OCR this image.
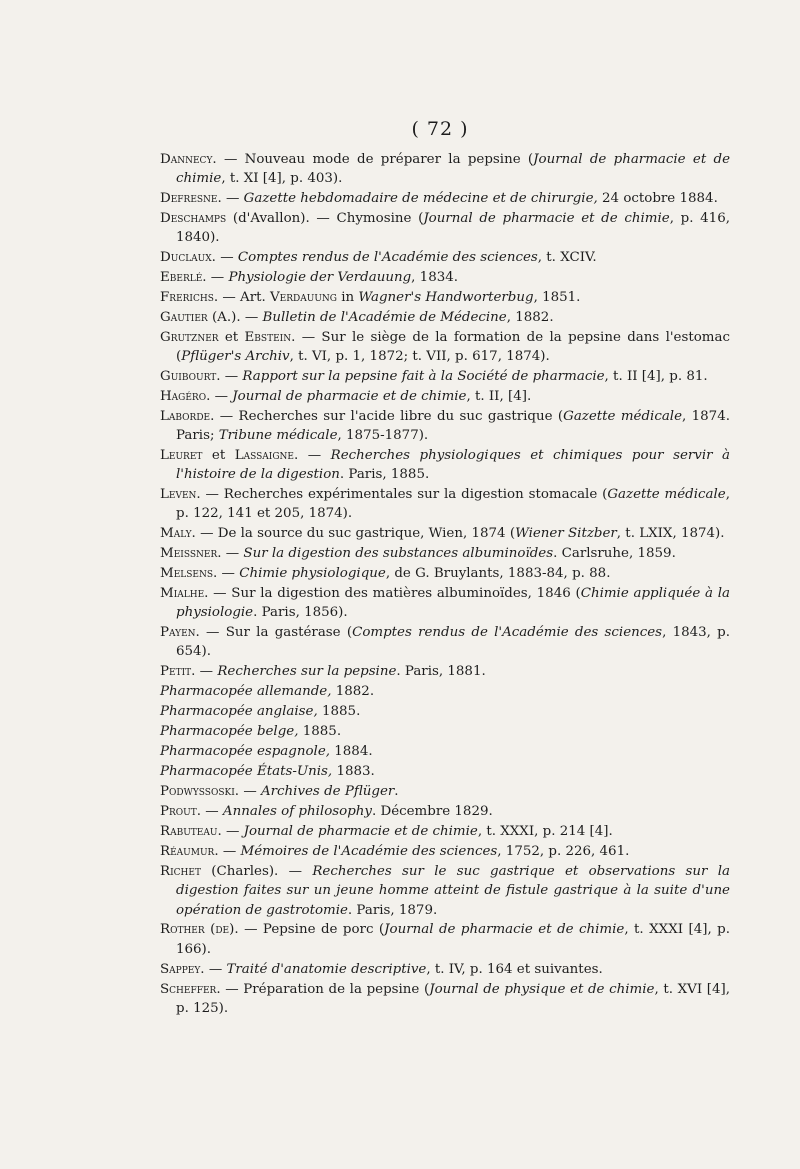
( 72 )

Dannecy. — Nouveau mode de préparer la pepsine (Journal de pharmacie et de chimie, t. XI [4], p. 403).

Defresne. — Gazette hebdomadaire de médecine et de chirurgie, 24 octobre 1884.

Deschamps (d'Avallon). — Chymosine (Journal de pharmacie et de chimie, p. 416, 1840).

Duclaux. — Comptes rendus de l'Académie des sciences, t. XCIV.

Eberlé. — Physiologie der Verdauung, 1834.

Frerichs. — Art. Verdauung in Wagner's Handworterbug, 1851.

Gautier (A.). — Bulletin de l'Académie de Médecine, 1882.

Grutzner et Ebstein. — Sur le siège de la formation de la pepsine dans l'estomac (Pflüger's Archiv, t. VI, p. 1, 1872; t. VII, p. 617, 1874).

Guibourt. — Rapport sur la pepsine fait à la Société de pharmacie, t. II [4], p. 81.

Hagéro. — Journal de pharmacie et de chimie, t. II, [4].

Laborde. — Recherches sur l'acide libre du suc gastrique (Gazette médicale, 1874. Paris; Tribune médicale, 1875-1877).

Leuret et Lassaigne. — Recherches physiologiques et chimiques pour servir à l'histoire de la digestion. Paris, 1885.

Leven. — Recherches expérimentales sur la digestion stomacale (Gazette médicale, p. 122, 141 et 205, 1874).

Maly. — De la source du suc gastrique, Wien, 1874 (Wiener Sitzber, t. LXIX, 1874).

Meissner. — Sur la digestion des substances albuminoïdes. Carlsruhe, 1859.

Melsens. — Chimie physiologique, de G. Bruylants, 1883-84, p. 88.

Mialhe. — Sur la digestion des matières albuminoïdes, 1846 (Chimie appliquée à la physiologie. Paris, 1856).

Payen. — Sur la gastérase (Comptes rendus de l'Académie des sciences, 1843, p. 654).

Petit. — Recherches sur la pepsine. Paris, 1881.

Pharmacopée allemande, 1882.

Pharmacopée anglaise, 1885.

Pharmacopée belge, 1885.

Pharmacopée espagnole, 1884.

Pharmacopée États-Unis, 1883.

Podwyssoski. — Archives de Pflüger.

Prout. — Annales of philosophy. Décembre 1829.

Rabuteau. — Journal de pharmacie et de chimie, t. XXXI, p. 214 [4].

Réaumur. — Mémoires de l'Académie des sciences, 1752, p. 226, 461.

Richet (Charles). — Recherches sur le suc gastrique et observations sur la digestion faites sur un jeune homme atteint de fistule gastrique à la suite d'une opération de gastrotomie. Paris, 1879.

Rother (de). — Pepsine de porc (Journal de pharmacie et de chimie, t. XXXI [4], p. 166).

Sappey. — Traité d'anatomie descriptive, t. IV, p. 164 et suivantes.

Scheffer. — Préparation de la pepsine (Journal de physique et de chimie, t. XVI [4], p. 125).
